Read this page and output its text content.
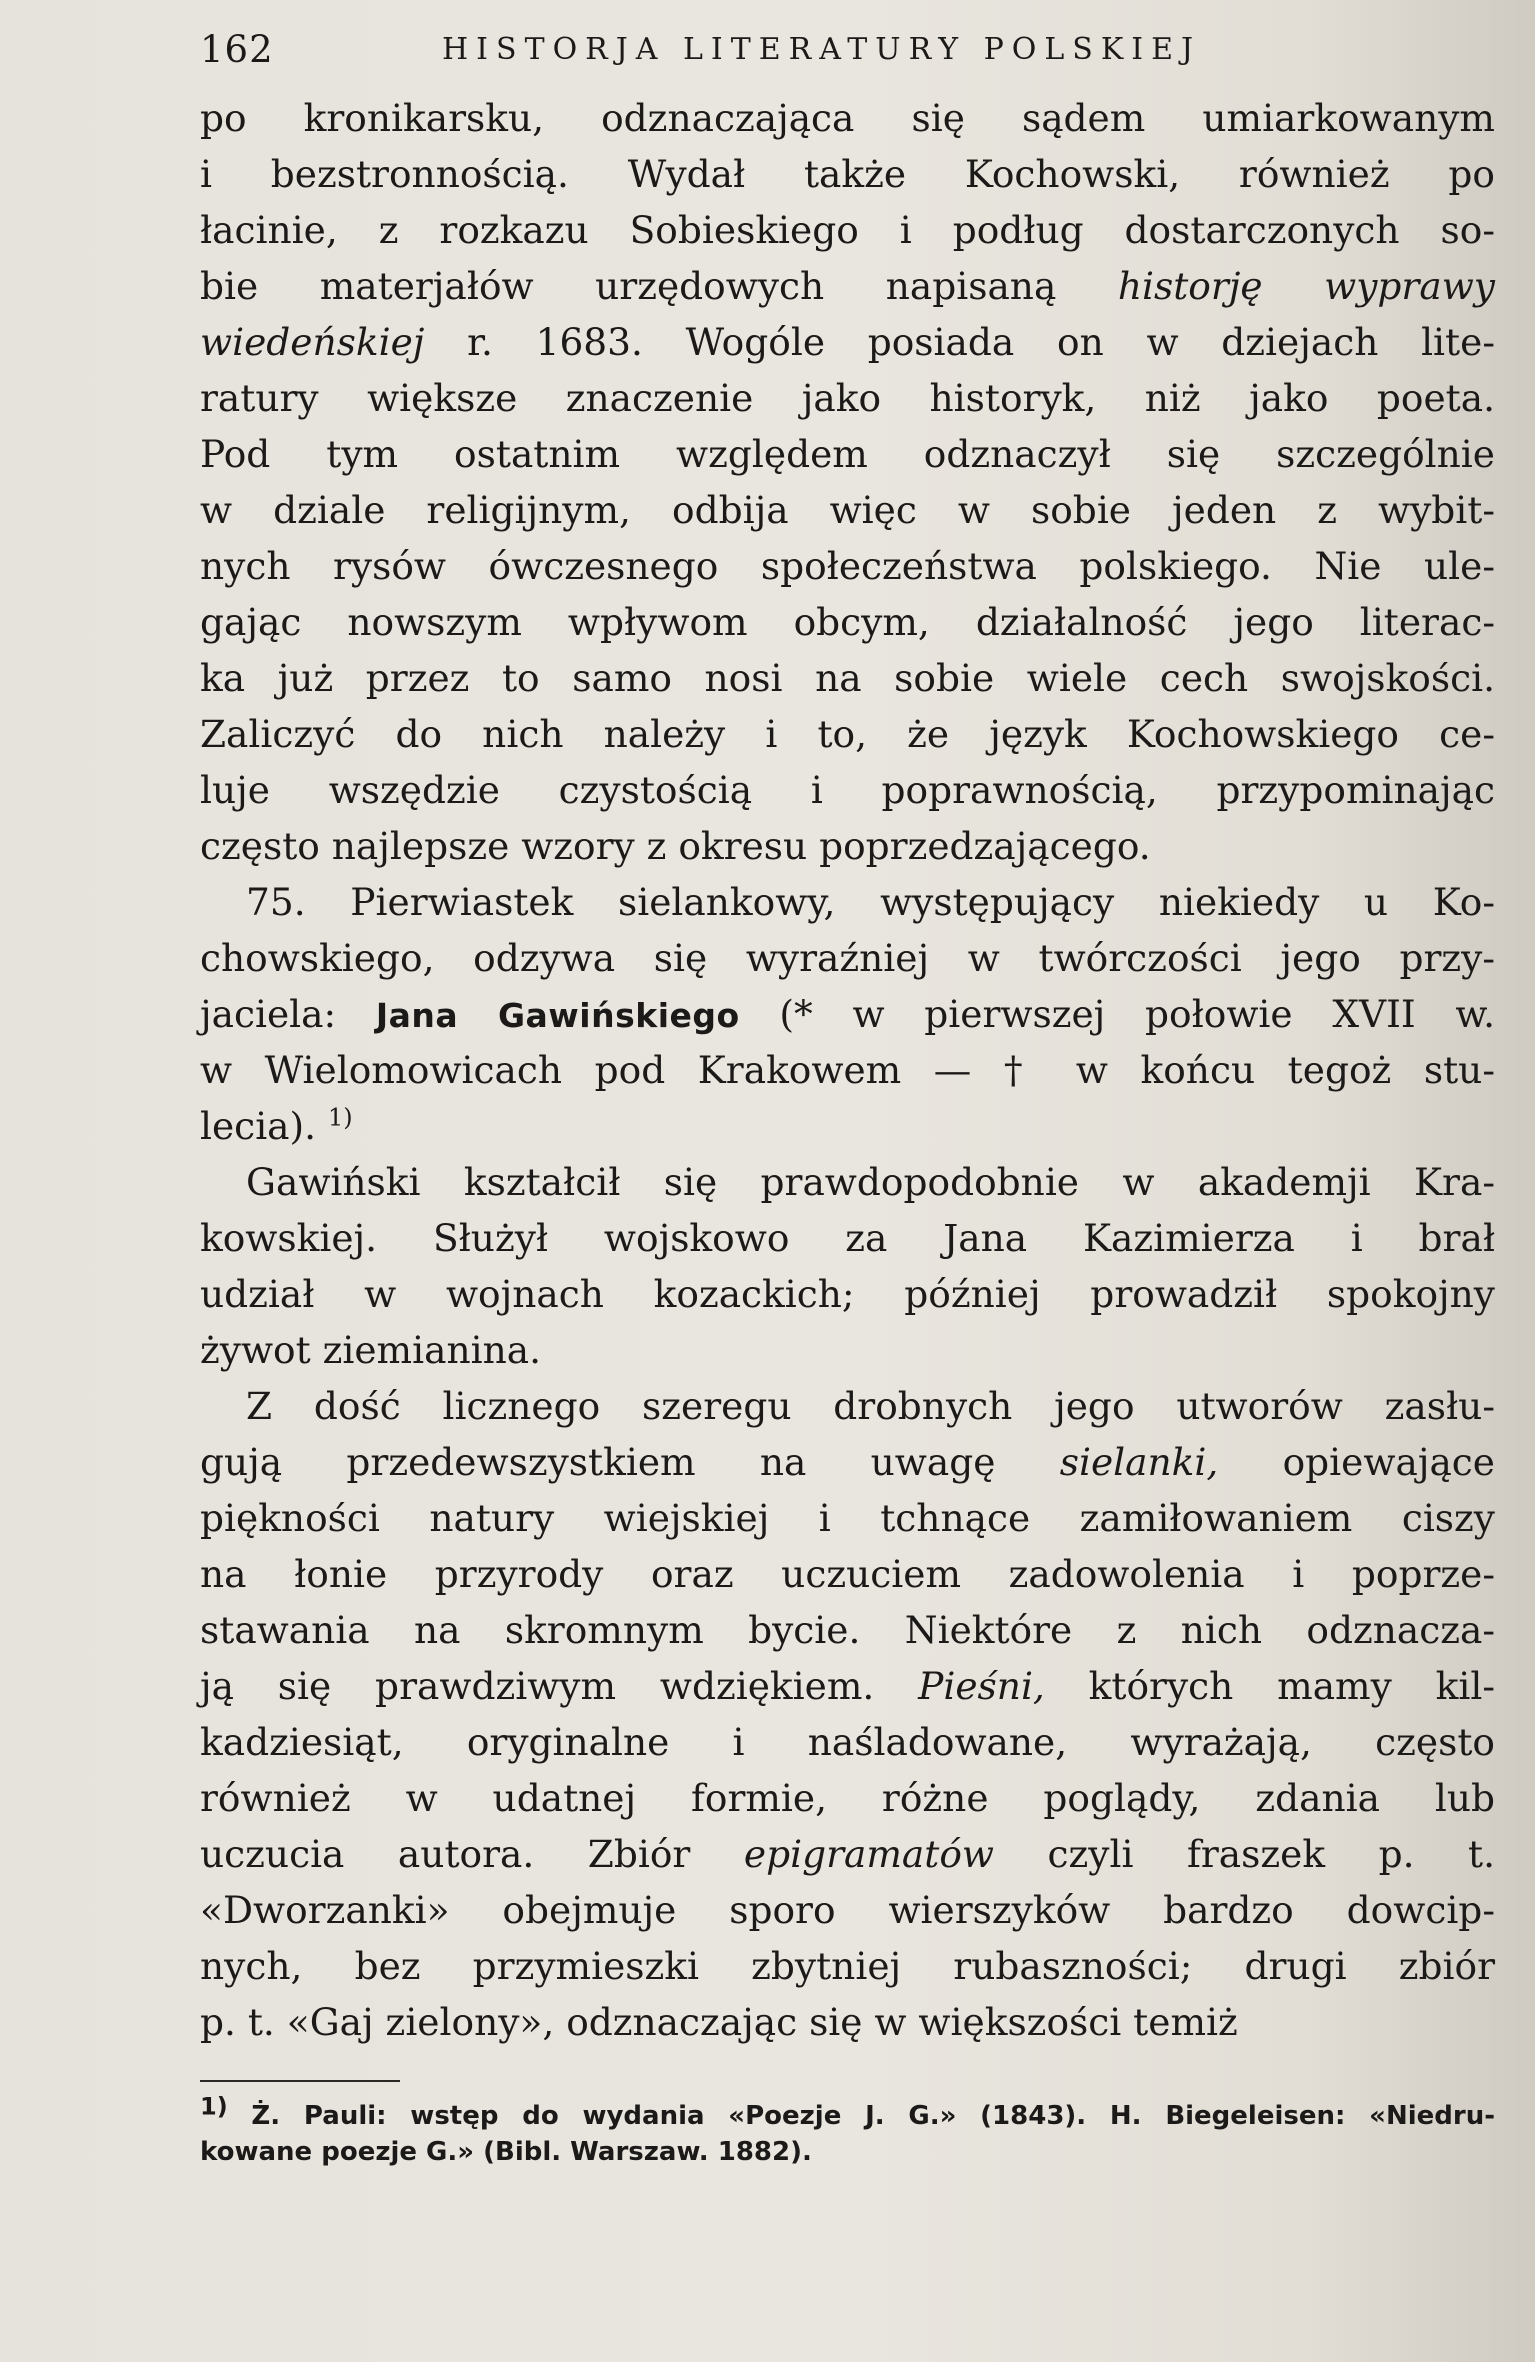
162	HISTORJA LITERATURY POLSKIEJ
po kronikarsku, odznaczająca się sądem umiarkowanym
i bezstronnością. Wydał także Kochowski, również po
łacinie, z rozkazu Sobieskiego i podług dostarczonych so-
bie materjałów urzędowych napisaną historję wyprawy
wiedeńskiej r. 1683. Wogóle posiada on w dziejach lite-
ratury większe znaczenie jako historyk, niż jako poeta.
Pod tym ostatnim względem odznaczył się szczególnie
w dziale religijnym, odbija więc w sobie jeden z wybit-
nych rysów ówczesnego społeczeństwa polskiego. Nie ule-
gając nowszym wpływom obcym, działalność jego literac-
ka już przez to samo nosi na sobie wiele cech swojskości.
Zaliczyć do nich należy i to, że język Kochowskiego ce-
luje wszędzie czystością i poprawnością, przypominając
często najlepsze wzory z okresu poprzedzającego.
75. Pierwiastek sielankowy, występujący niekiedy u Ko-
chowskiego, odzywa się wyraźniej w twórczości jego przy-
jaciela: Jana Gawińskiego (* w pierwszej połowie XVII w.
w Wielomowicach pod Krakowem — † w końcu tegoż stu-
lecia). $^{1)}$
Gawiński kształcił się prawdopodobnie w akademji Kra-
kowskiej. Służył wojskowo za Jana Kazimierza i brał
udział w wojnach kozackich; później prowadził spokojny
żywot ziemianina.
Z dość licznego szeregu drobnych jego utworów zasłu-
gują przedewszystkiem na uwagę sielanki, opiewające
piękności natury wiejskiej i tchnące zamiłowaniem ciszy
na łonie przyrody oraz uczuciem zadowolenia i poprze-
stawania na skromnym bycie. Niektóre z nich odznacza-
ją się prawdziwym wdziękiem. Pieśni, których mamy kil-
kadziesiąt, oryginalne i naśladowane, wyrażają, często
również w udatnej formie, różne poglądy, zdania lub
uczucia autora. Zbiór epigramatów czyli fraszek p. t.
«Dworzanki» obejmuje sporo wierszyków bardzo dowcip-
nych, bez przymieszki zbytniej rubaszności; drugi zbiór
p. t. «Gaj zielony», odznaczając się w większości temiż
$^{1)}$ Ż. Pauli: wstęp do wydania «Poezje J. G.» (1843). H. Biegeleisen: «Niedru-
kowane poezje G.» (Bibl. Warszaw. 1882).
